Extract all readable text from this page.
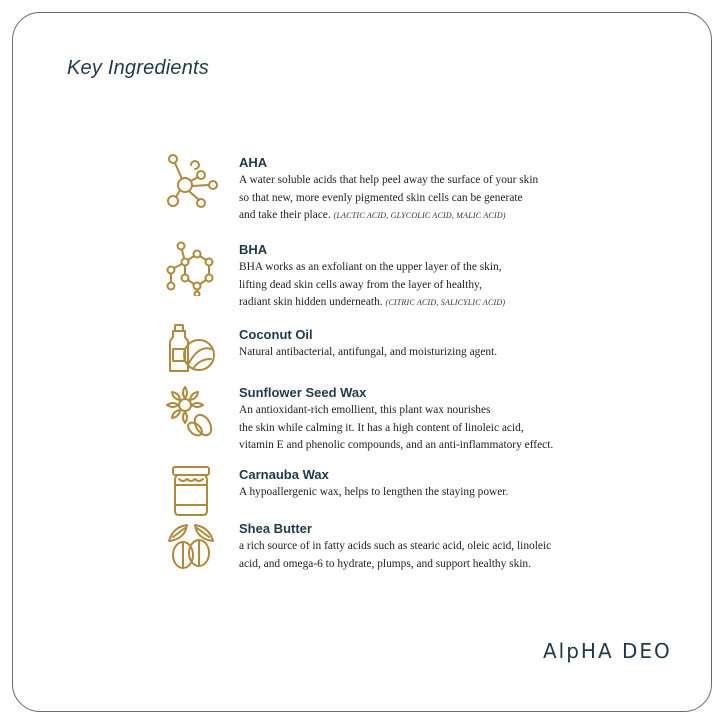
Key Ingredients
AHA
A water soluble acids that help peel away the surface of your skin
so that new, more evenly pigmented skin cells can be generate
and take their place. (LACTIC ACID, GLYCOLIC ACID, MALIC ACID)
BHA
BHA works as an exfoliant on the upper layer of the skin,
lifting dead skin cells away from the layer of healthy,
radiant skin hidden underneath. (CITRIC ACID, SALICYLIC ACID)
Coconut Oil
Natural antibacterial, antifungal, and moisturizing agent.
Sunflower Seed Wax
An antioxidant-rich emollient, this plant wax nourishes
the skin while calming it. It has a high content of linoleic acid,
vitamin E and phenolic compounds, and an anti-inflammatory effect.
Carnauba Wax
A hypoallergenic wax, helps to lengthen the staying power.
Shea Butter
a rich source of in fatty acids such as stearic acid, oleic acid, linoleic
acid, and omega-6 to hydrate, plumps, and support healthy skin.
AlpHA DEO
